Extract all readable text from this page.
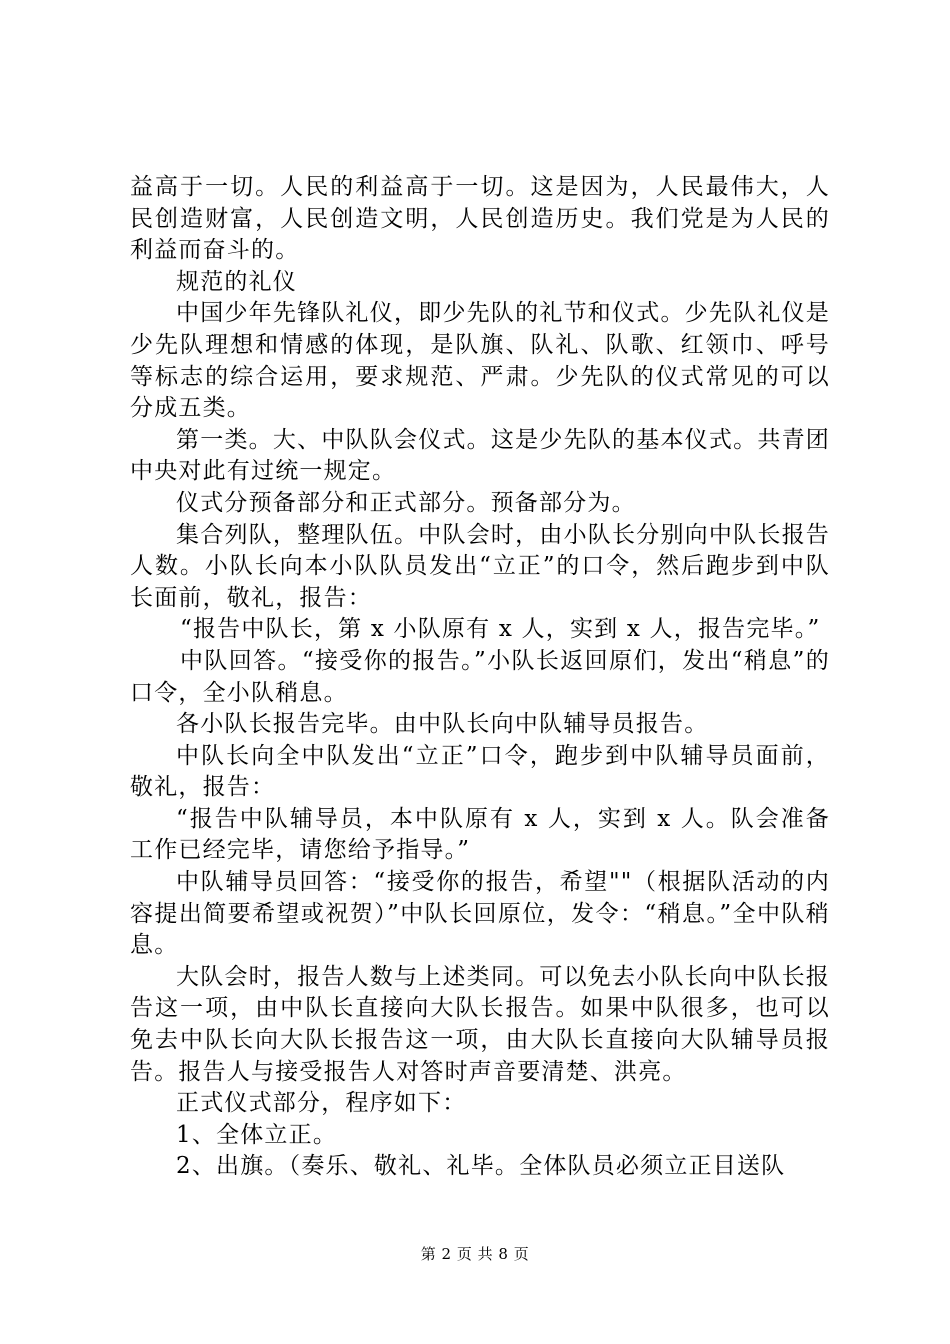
益高于一切。人民的利益高于一切。这是因为，人民最伟大，人民创造财富，人民创造文明，人民创造历史。我们党是为人民的利益而奋斗的。

规范的礼仪

中国少年先锋队礼仪，即少先队的礼节和仪式。少先队礼仪是少先队理想和情感的体现，是队旗、队礼、队歌、红领巾、呼号等标志的综合运用，要求规范、严肃。少先队的仪式常见的可以分成五类。

第一类。大、中队队会仪式。这是少先队的基本仪式。共青团中央对此有过统一规定。

仪式分预备部分和正式部分。预备部分为。

集合列队，整理队伍。中队会时，由小队长分别向中队长报告人数。小队长向本小队队员发出“立正”的口令，然后跑步到中队长面前，敬礼，报告：

“报告中队长，第 x 小队原有 x 人，实到 x 人，报告完毕。”

中队回答。“接受你的报告。”小队长返回原们，发出“稍息”的口令，全小队稍息。

各小队长报告完毕。由中队长向中队辅导员报告。

中队长向全中队发出“立正”口令，跑步到中队辅导员面前，敬礼，报告：

“报告中队辅导员，本中队原有 x 人，实到 x 人。队会准备工作已经完毕，请您给予指导。”

中队辅导员回答：“接受你的报告，希望""（根据队活动的内容提出简要希望或祝贺）”中队长回原位，发令：“稍息。”全中队稍息。

大队会时，报告人数与上述类同。可以免去小队长向中队长报告这一项，由中队长直接向大队长报告。如果中队很多，也可以免去中队长向大队长报告这一项，由大队长直接向大队辅导员报告。报告人与接受报告人对答时声音要清楚、洪亮。

正式仪式部分，程序如下：

1、全体立正。

2、出旗。（奏乐、敬礼、礼毕。全体队员必须立正目送队

第 2 页 共 8 页
